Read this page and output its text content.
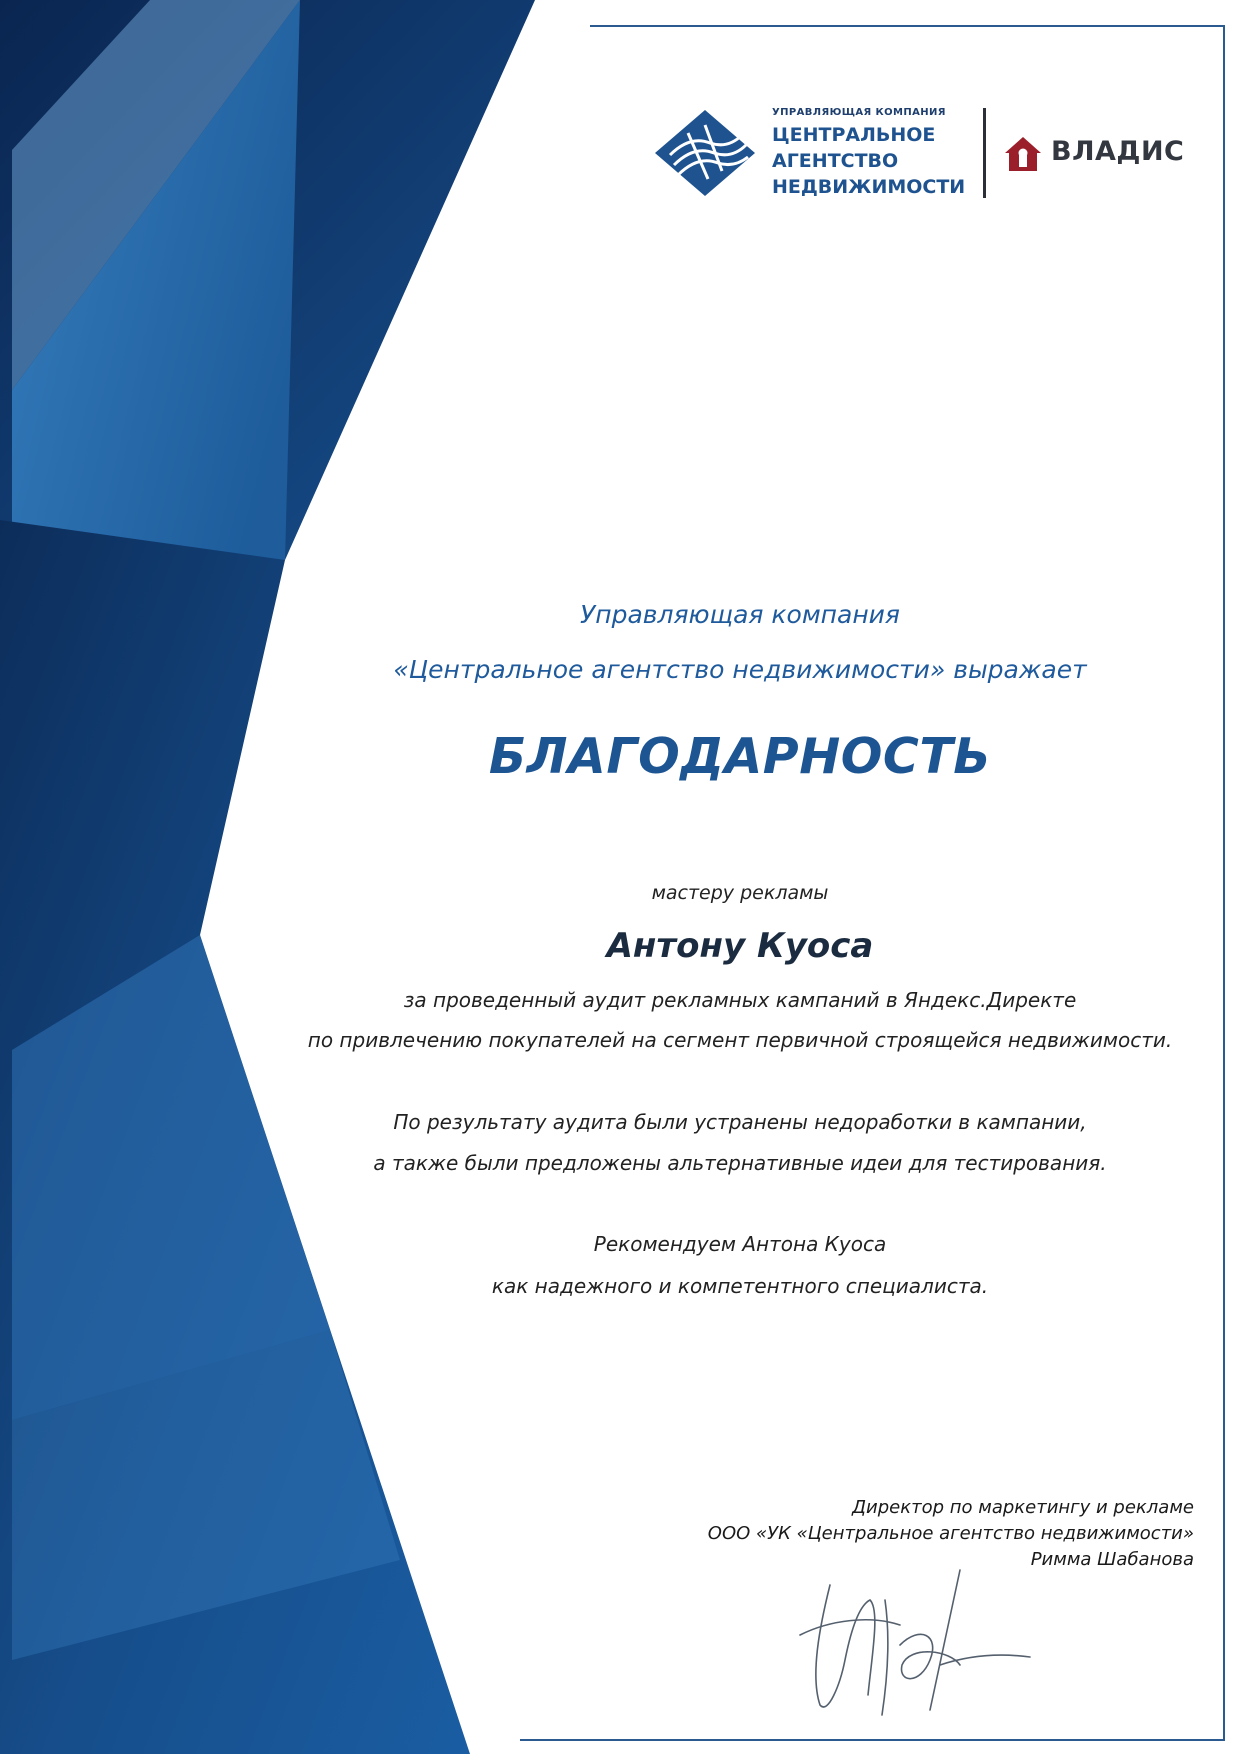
УПРАВЛЯЮЩАЯ КОМПАНИЯ
ЦЕНТРАЛЬНОЕ
АГЕНТСТВО
НЕДВИЖИМОСТИ
ВЛАДИС
Управляющая компания
«Центральное агентство недвижимости» выражает
БЛАГОДАРНОСТЬ
мастеру рекламы
Антону Куоса
за проведенный аудит рекламных кампаний в Яндекс.Директе
по привлечению покупателей на сегмент первичной строящейся недвижимости.
По результату аудита были устранены недоработки в кампании,
а также были предложены альтернативные идеи для тестирования.
Рекомендуем Антона Куоса
как надежного и компетентного специалиста.
Директор по маркетингу и рекламе
ООО «УК «Центральное агентство недвижимости»
Римма Шабанова
